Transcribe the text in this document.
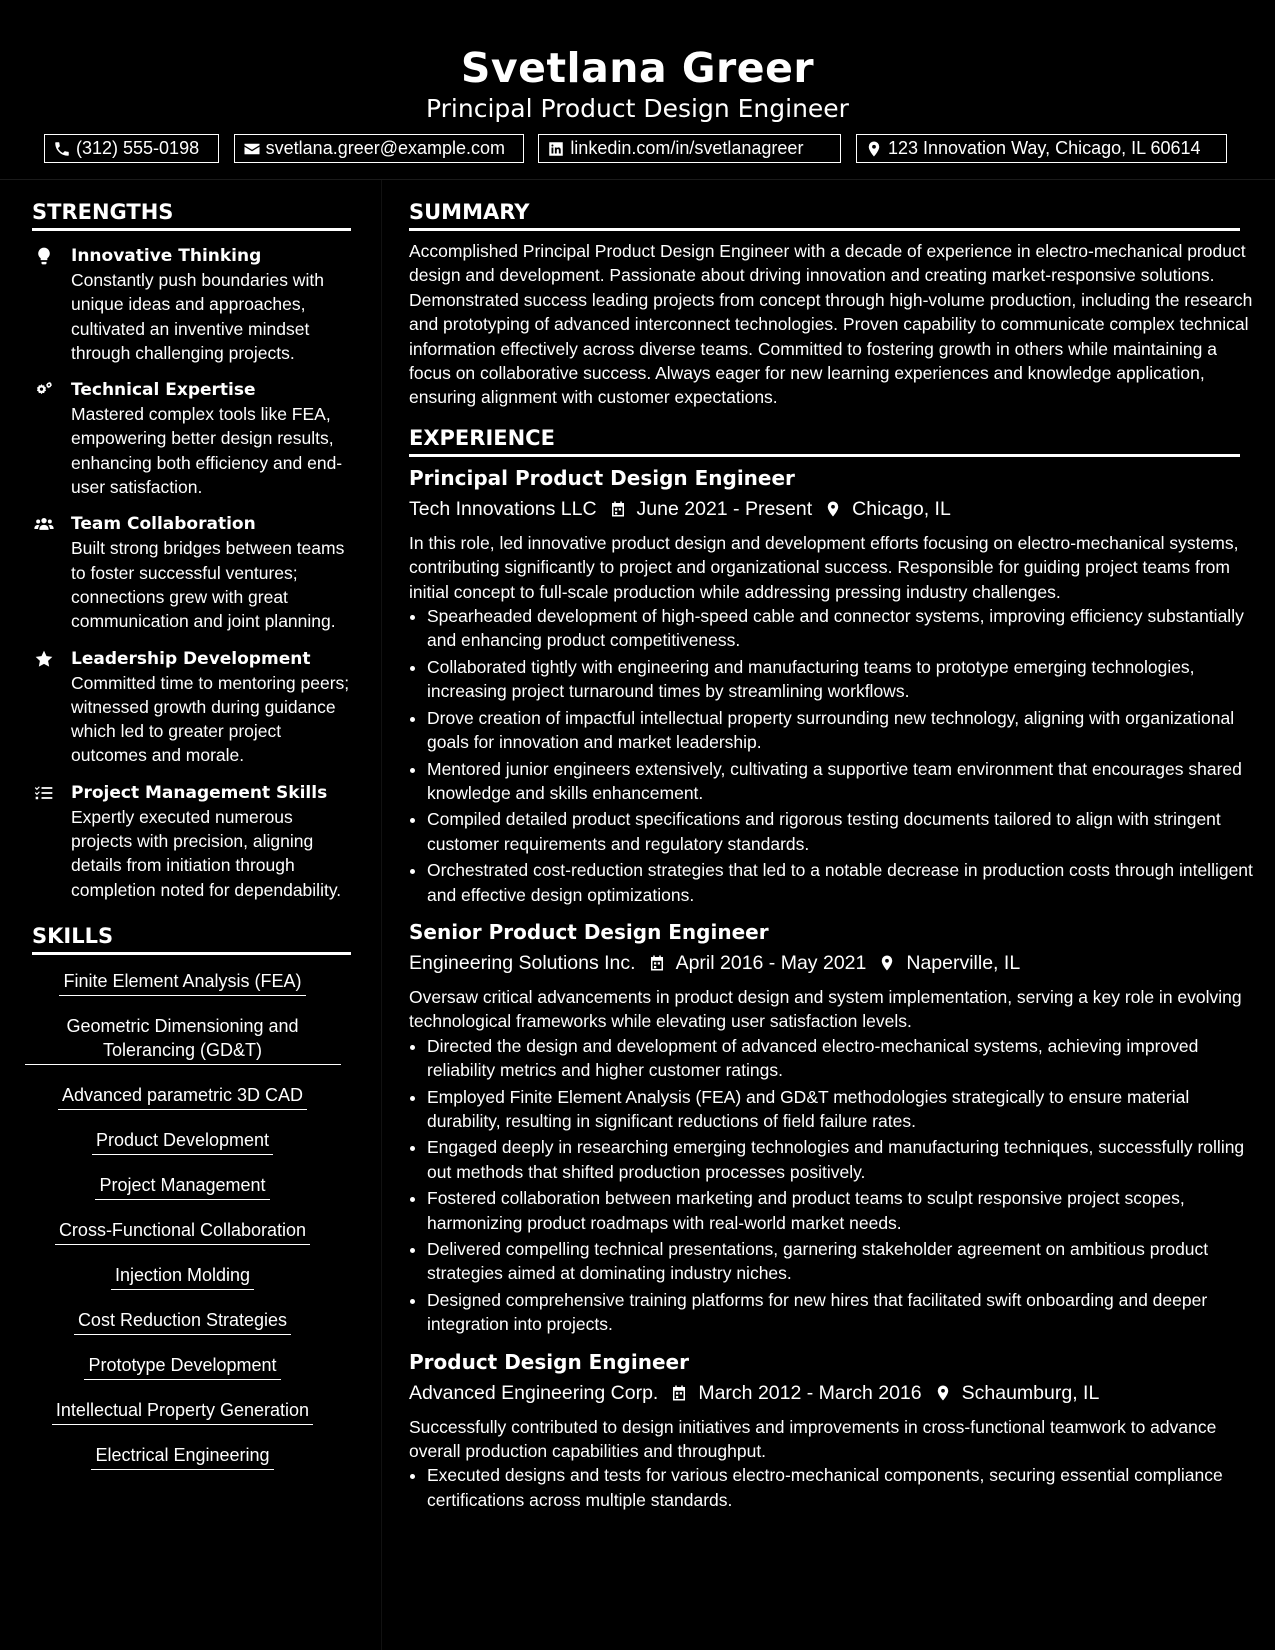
Svetlana Greer
Principal Product Design Engineer
(312) 555-0198	svetlana.greer@example.com	linkedin.com/in/svetlanagreer	123 Innovation Way, Chicago, IL 60614
STRENGTHS
Innovative Thinking
Constantly push boundaries with unique ideas and approaches, cultivated an inventive mindset through challenging projects.
Technical Expertise
Mastered complex tools like FEA, empowering better design results, enhancing both efficiency and end-user satisfaction.
Team Collaboration
Built strong bridges between teams to foster successful ventures; connections grew with great communication and joint planning.
Leadership Development
Committed time to mentoring peers; witnessed growth during guidance which led to greater project outcomes and morale.
Project Management Skills
Expertly executed numerous projects with precision, aligning details from initiation through completion noted for dependability.
SKILLS
Finite Element Analysis (FEA)
Geometric Dimensioning and Tolerancing (GD&T)
Advanced parametric 3D CAD
Product Development
Project Management
Cross-Functional Collaboration
Injection Molding
Cost Reduction Strategies
Prototype Development
Intellectual Property Generation
Electrical Engineering
SUMMARY
Accomplished Principal Product Design Engineer with a decade of experience in electro-mechanical product design and development. Passionate about driving innovation and creating market-responsive solutions. Demonstrated success leading projects from concept through high-volume production, including the research and prototyping of advanced interconnect technologies. Proven capability to communicate complex technical information effectively across diverse teams. Committed to fostering growth in others while maintaining a focus on collaborative success. Always eager for new learning experiences and knowledge application, ensuring alignment with customer expectations.
EXPERIENCE
Principal Product Design Engineer
Tech Innovations LLC June 2021 - Present Chicago, IL
In this role, led innovative product design and development efforts focusing on electro-mechanical systems, contributing significantly to project and organizational success. Responsible for guiding project teams from initial concept to full-scale production while addressing pressing industry challenges.
• Spearheaded development of high-speed cable and connector systems, improving efficiency substantially and enhancing product competitiveness.
• Collaborated tightly with engineering and manufacturing teams to prototype emerging technologies, increasing project turnaround times by streamlining workflows.
• Drove creation of impactful intellectual property surrounding new technology, aligning with organizational goals for innovation and market leadership.
• Mentored junior engineers extensively, cultivating a supportive team environment that encourages shared knowledge and skills enhancement.
• Compiled detailed product specifications and rigorous testing documents tailored to align with stringent customer requirements and regulatory standards.
• Orchestrated cost-reduction strategies that led to a notable decrease in production costs through intelligent and effective design optimizations.
Senior Product Design Engineer
Engineering Solutions Inc. April 2016 - May 2021 Naperville, IL
Oversaw critical advancements in product design and system implementation, serving a key role in evolving technological frameworks while elevating user satisfaction levels.
• Directed the design and development of advanced electro-mechanical systems, achieving improved reliability metrics and higher customer ratings.
• Employed Finite Element Analysis (FEA) and GD&T methodologies strategically to ensure material durability, resulting in significant reductions of field failure rates.
• Engaged deeply in researching emerging technologies and manufacturing techniques, successfully rolling out methods that shifted production processes positively.
• Fostered collaboration between marketing and product teams to sculpt responsive project scopes, harmonizing product roadmaps with real-world market needs.
• Delivered compelling technical presentations, garnering stakeholder agreement on ambitious product strategies aimed at dominating industry niches.
• Designed comprehensive training platforms for new hires that facilitated swift onboarding and deeper integration into projects.
Product Design Engineer
Advanced Engineering Corp. March 2012 - March 2016 Schaumburg, IL
Successfully contributed to design initiatives and improvements in cross-functional teamwork to advance overall production capabilities and throughput.
• Executed designs and tests for various electro-mechanical components, securing essential compliance certifications across multiple standards.
